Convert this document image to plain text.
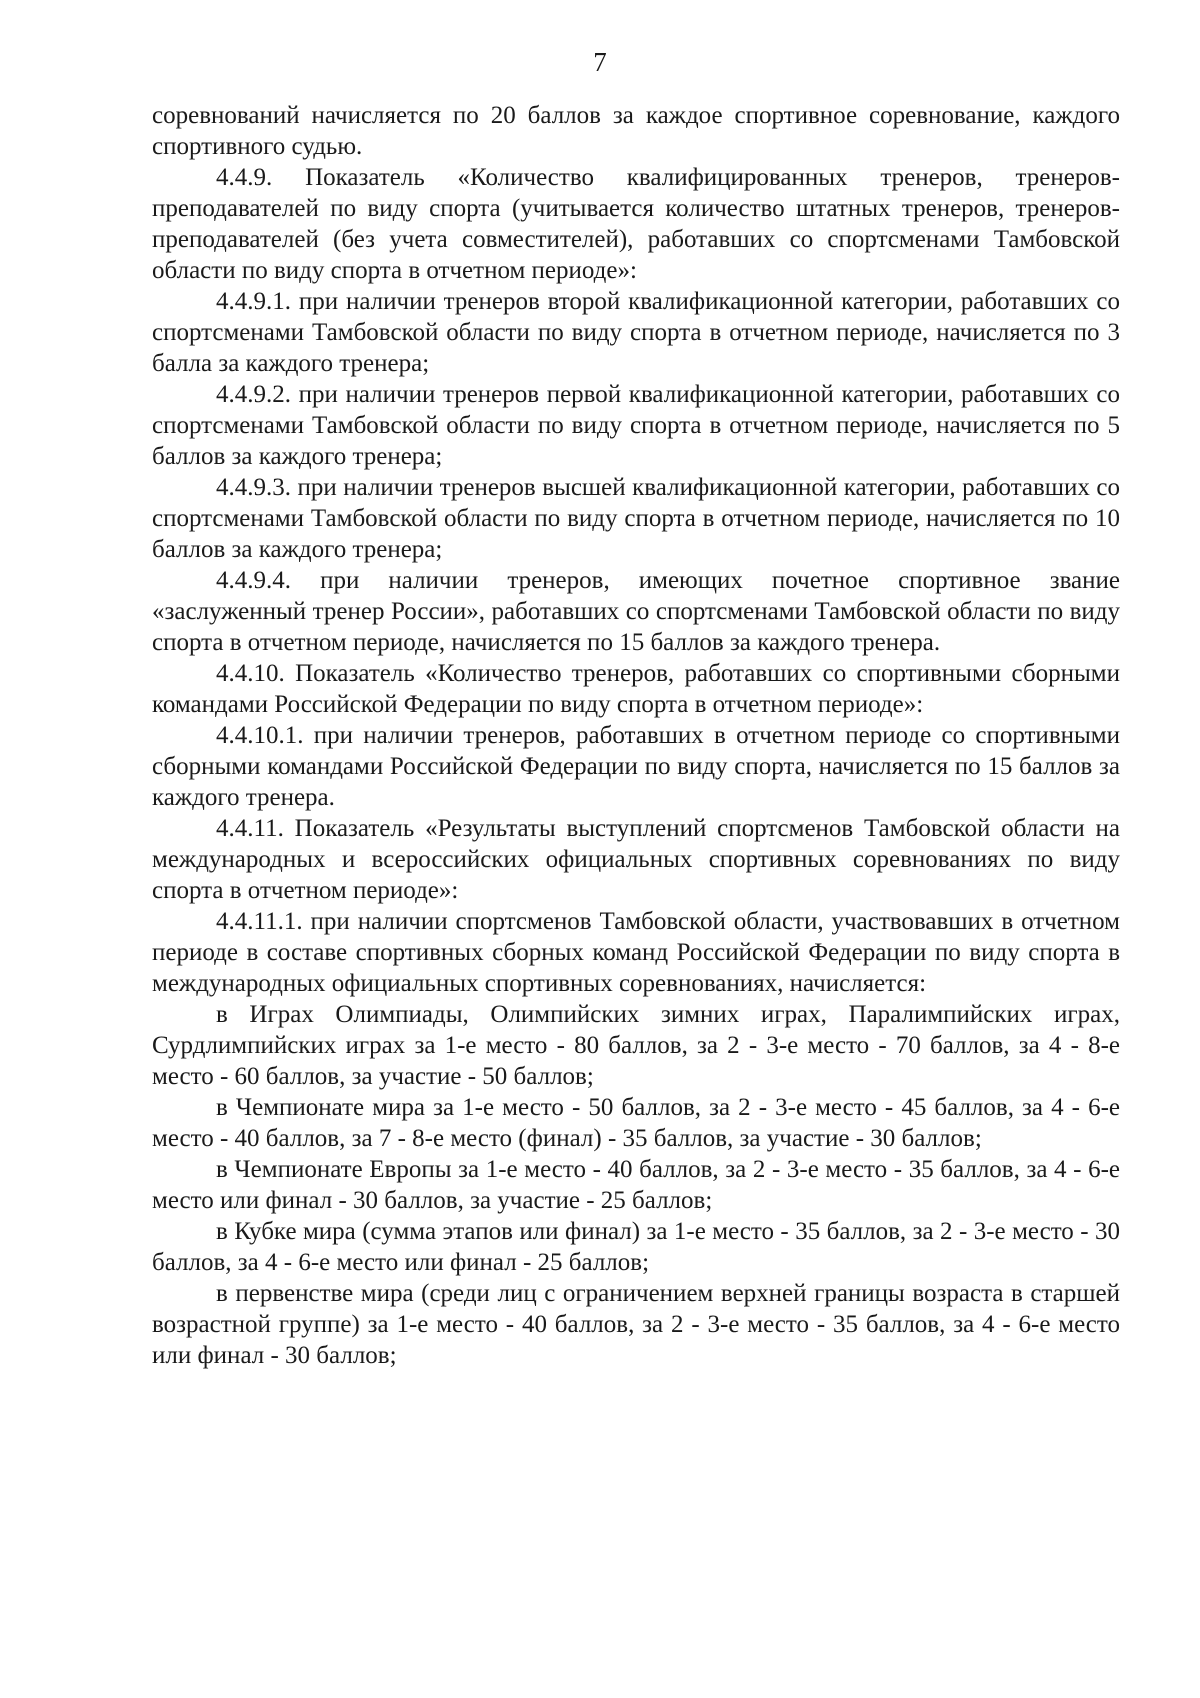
7

соревнований начисляется по 20 баллов за каждое спортивное соревнование, каждого спортивного судью.

4.4.9. Показатель «Количество квалифицированных тренеров, тренеров-преподавателей по виду спорта (учитывается количество штатных тренеров, тренеров-преподавателей (без учета совместителей), работавших со спортсменами Тамбовской области по виду спорта в отчетном периоде»:

4.4.9.1. при наличии тренеров второй квалификационной категории, работавших со спортсменами Тамбовской области по виду спорта в отчетном периоде, начисляется по 3 балла за каждого тренера;

4.4.9.2. при наличии тренеров первой квалификационной категории, работавших со спортсменами Тамбовской области по виду спорта в отчетном периоде, начисляется по 5 баллов за каждого тренера;

4.4.9.3. при наличии тренеров высшей квалификационной категории, работавших со спортсменами Тамбовской области по виду спорта в отчетном периоде, начисляется по 10 баллов за каждого тренера;

4.4.9.4. при наличии тренеров, имеющих почетное спортивное звание «заслуженный тренер России», работавших со спортсменами Тамбовской области по виду спорта в отчетном периоде, начисляется по 15 баллов за каждого тренера.

4.4.10. Показатель «Количество тренеров, работавших со спортивными сборными командами Российской Федерации по виду спорта в отчетном периоде»:

4.4.10.1. при наличии тренеров, работавших в отчетном периоде со спортивными сборными командами Российской Федерации по виду спорта, начисляется по 15 баллов за каждого тренера.

4.4.11. Показатель «Результаты выступлений спортсменов Тамбовской области на международных и всероссийских официальных спортивных соревнованиях по виду спорта в отчетном периоде»:

4.4.11.1. при наличии спортсменов Тамбовской области, участвовавших в отчетном периоде в составе спортивных сборных команд Российской Федерации по виду спорта в международных официальных спортивных соревнованиях, начисляется:

в Играх Олимпиады, Олимпийских зимних играх, Паралимпийских играх, Сурдлимпийских играх за 1-е место - 80 баллов, за 2 - 3-е место - 70 баллов, за 4 - 8-е место - 60 баллов, за участие - 50 баллов;

в Чемпионате мира за 1-е место - 50 баллов, за 2 - 3-е место - 45 баллов, за 4 - 6-е место - 40 баллов, за 7 - 8-е место (финал) - 35 баллов, за участие - 30 баллов;

в Чемпионате Европы за 1-е место - 40 баллов, за 2 - 3-е место - 35 баллов, за 4 - 6-е место или финал - 30 баллов, за участие - 25 баллов;

в Кубке мира (сумма этапов или финал) за 1-е место - 35 баллов, за 2 - 3-е место - 30 баллов, за 4 - 6-е место или финал - 25 баллов;

в первенстве мира (среди лиц с ограничением верхней границы возраста в старшей возрастной группе) за 1-е место - 40 баллов, за 2 - 3-е место - 35 баллов, за 4 - 6-е место или финал - 30 баллов;
